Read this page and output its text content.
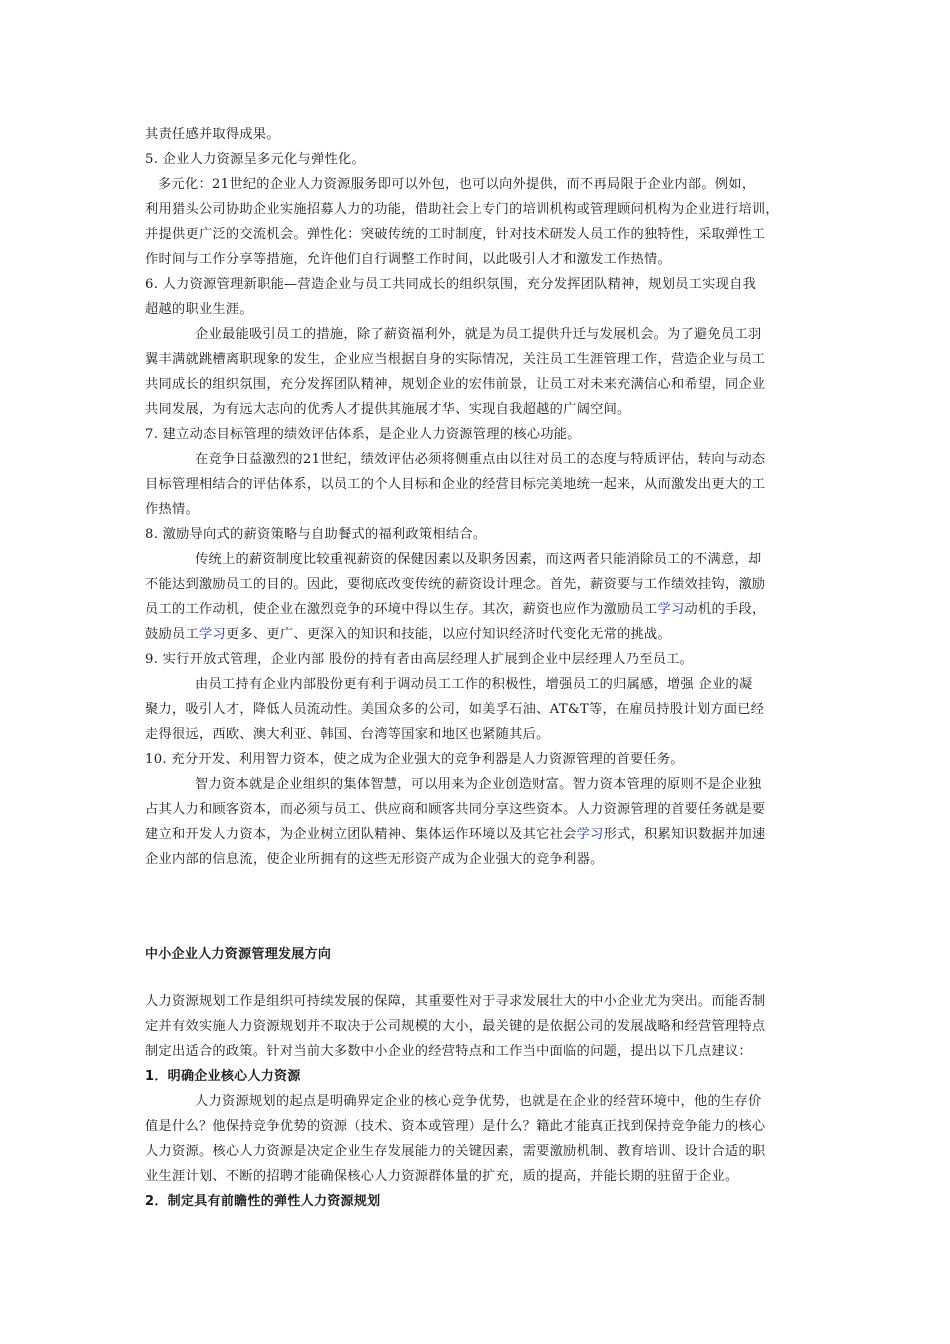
其责任感并取得成果。

5. 企业人力资源呈多元化与弹性化。

多元化：21世纪的企业人力资源服务即可以外包，也可以向外提供，而不再局限于企业内部。例如，

利用猎头公司协助企业实施招募人力的功能，借助社会上专门的培训机构或管理顾问机构为企业进行培训，

并提供更广泛的交流机会。弹性化：突破传统的工时制度，针对技术研发人员工作的独特性，采取弹性工

作时间与工作分享等措施，允许他们自行调整工作时间，以此吸引人才和激发工作热情。

6. 人力资源管理新职能—营造企业与员工共同成长的组织氛围，充分发挥团队精神，规划员工实现自我

超越的职业生涯。

企业最能吸引员工的措施，除了薪资福利外，就是为员工提供升迁与发展机会。为了避免员工羽

翼丰满就跳槽离职现象的发生，企业应当根据自身的实际情况，关注员工生涯管理工作，营造企业与员工

共同成长的组织氛围，充分发挥团队精神，规划企业的宏伟前景，让员工对未来充满信心和希望，同企业

共同发展，为有远大志向的优秀人才提供其施展才华、实现自我超越的广阔空间。

7. 建立动态目标管理的绩效评估体系，是企业人力资源管理的核心功能。

在竞争日益激烈的21世纪，绩效评估必须将侧重点由以往对员工的态度与特质评估，转向与动态

目标管理相结合的评估体系，以员工的个人目标和企业的经营目标完美地统一起来，从而激发出更大的工

作热情。

8. 激励导向式的薪资策略与自助餐式的福利政策相结合。

传统上的薪资制度比较重视薪资的保健因素以及职务因素，而这两者只能消除员工的不满意，却

不能达到激励员工的目的。因此，要彻底改变传统的薪资设计理念。首先，薪资要与工作绩效挂钩，激励

员工的工作动机，使企业在激烈竞争的环境中得以生存。其次，薪资也应作为激励员工学习动机的手段，

鼓励员工学习更多、更广、更深入的知识和技能，以应付知识经济时代变化无常的挑战。

9. 实行开放式管理，企业内部 股份的持有者由高层经理人扩展到企业中层经理人乃至员工。

由员工持有企业内部股份更有利于调动员工工作的积极性，增强员工的归属感，增强 企业的凝

聚力，吸引人才，降低人员流动性。美国众多的公司，如美孚石油、AT&T等，在雇员持股计划方面已经

走得很远，西欧、澳大利亚、韩国、台湾等国家和地区也紧随其后。

10. 充分开发、利用智力资本，使之成为企业强大的竞争利器是人力资源管理的首要任务。

智力资本就是企业组织的集体智慧，可以用来为企业创造财富。智力资本管理的原则不是企业独

占其人力和顾客资本，而必须与员工、供应商和顾客共同分享这些资本。人力资源管理的首要任务就是要

建立和开发人力资本，为企业树立团队精神、集体运作环境以及其它社会学习形式，积累知识数据并加速

企业内部的信息流，使企业所拥有的这些无形资产成为企业强大的竞争利器。

中小企业人力资源管理发展方向

人力资源规划工作是组织可持续发展的保障，其重要性对于寻求发展壮大的中小企业尤为突出。而能否制

定并有效实施人力资源规划并不取决于公司规模的大小，最关键的是依据公司的发展战略和经营管理特点

制定出适合的政策。针对当前大多数中小企业的经营特点和工作当中面临的问题，提出以下几点建议：

1．明确企业核心人力资源

人力资源规划的起点是明确界定企业的核心竞争优势，也就是在企业的经营环境中，他的生存价

值是什么？他保持竞争优势的资源（技术、资本或管理）是什么？籍此才能真正找到保持竞争能力的核心

人力资源。核心人力资源是决定企业生存发展能力的关键因素，需要激励机制、教育培训、设计合适的职

业生涯计划、不断的招聘才能确保核心人力资源群体量的扩充，质的提高，并能长期的驻留于企业。

2．制定具有前瞻性的弹性人力资源规划
